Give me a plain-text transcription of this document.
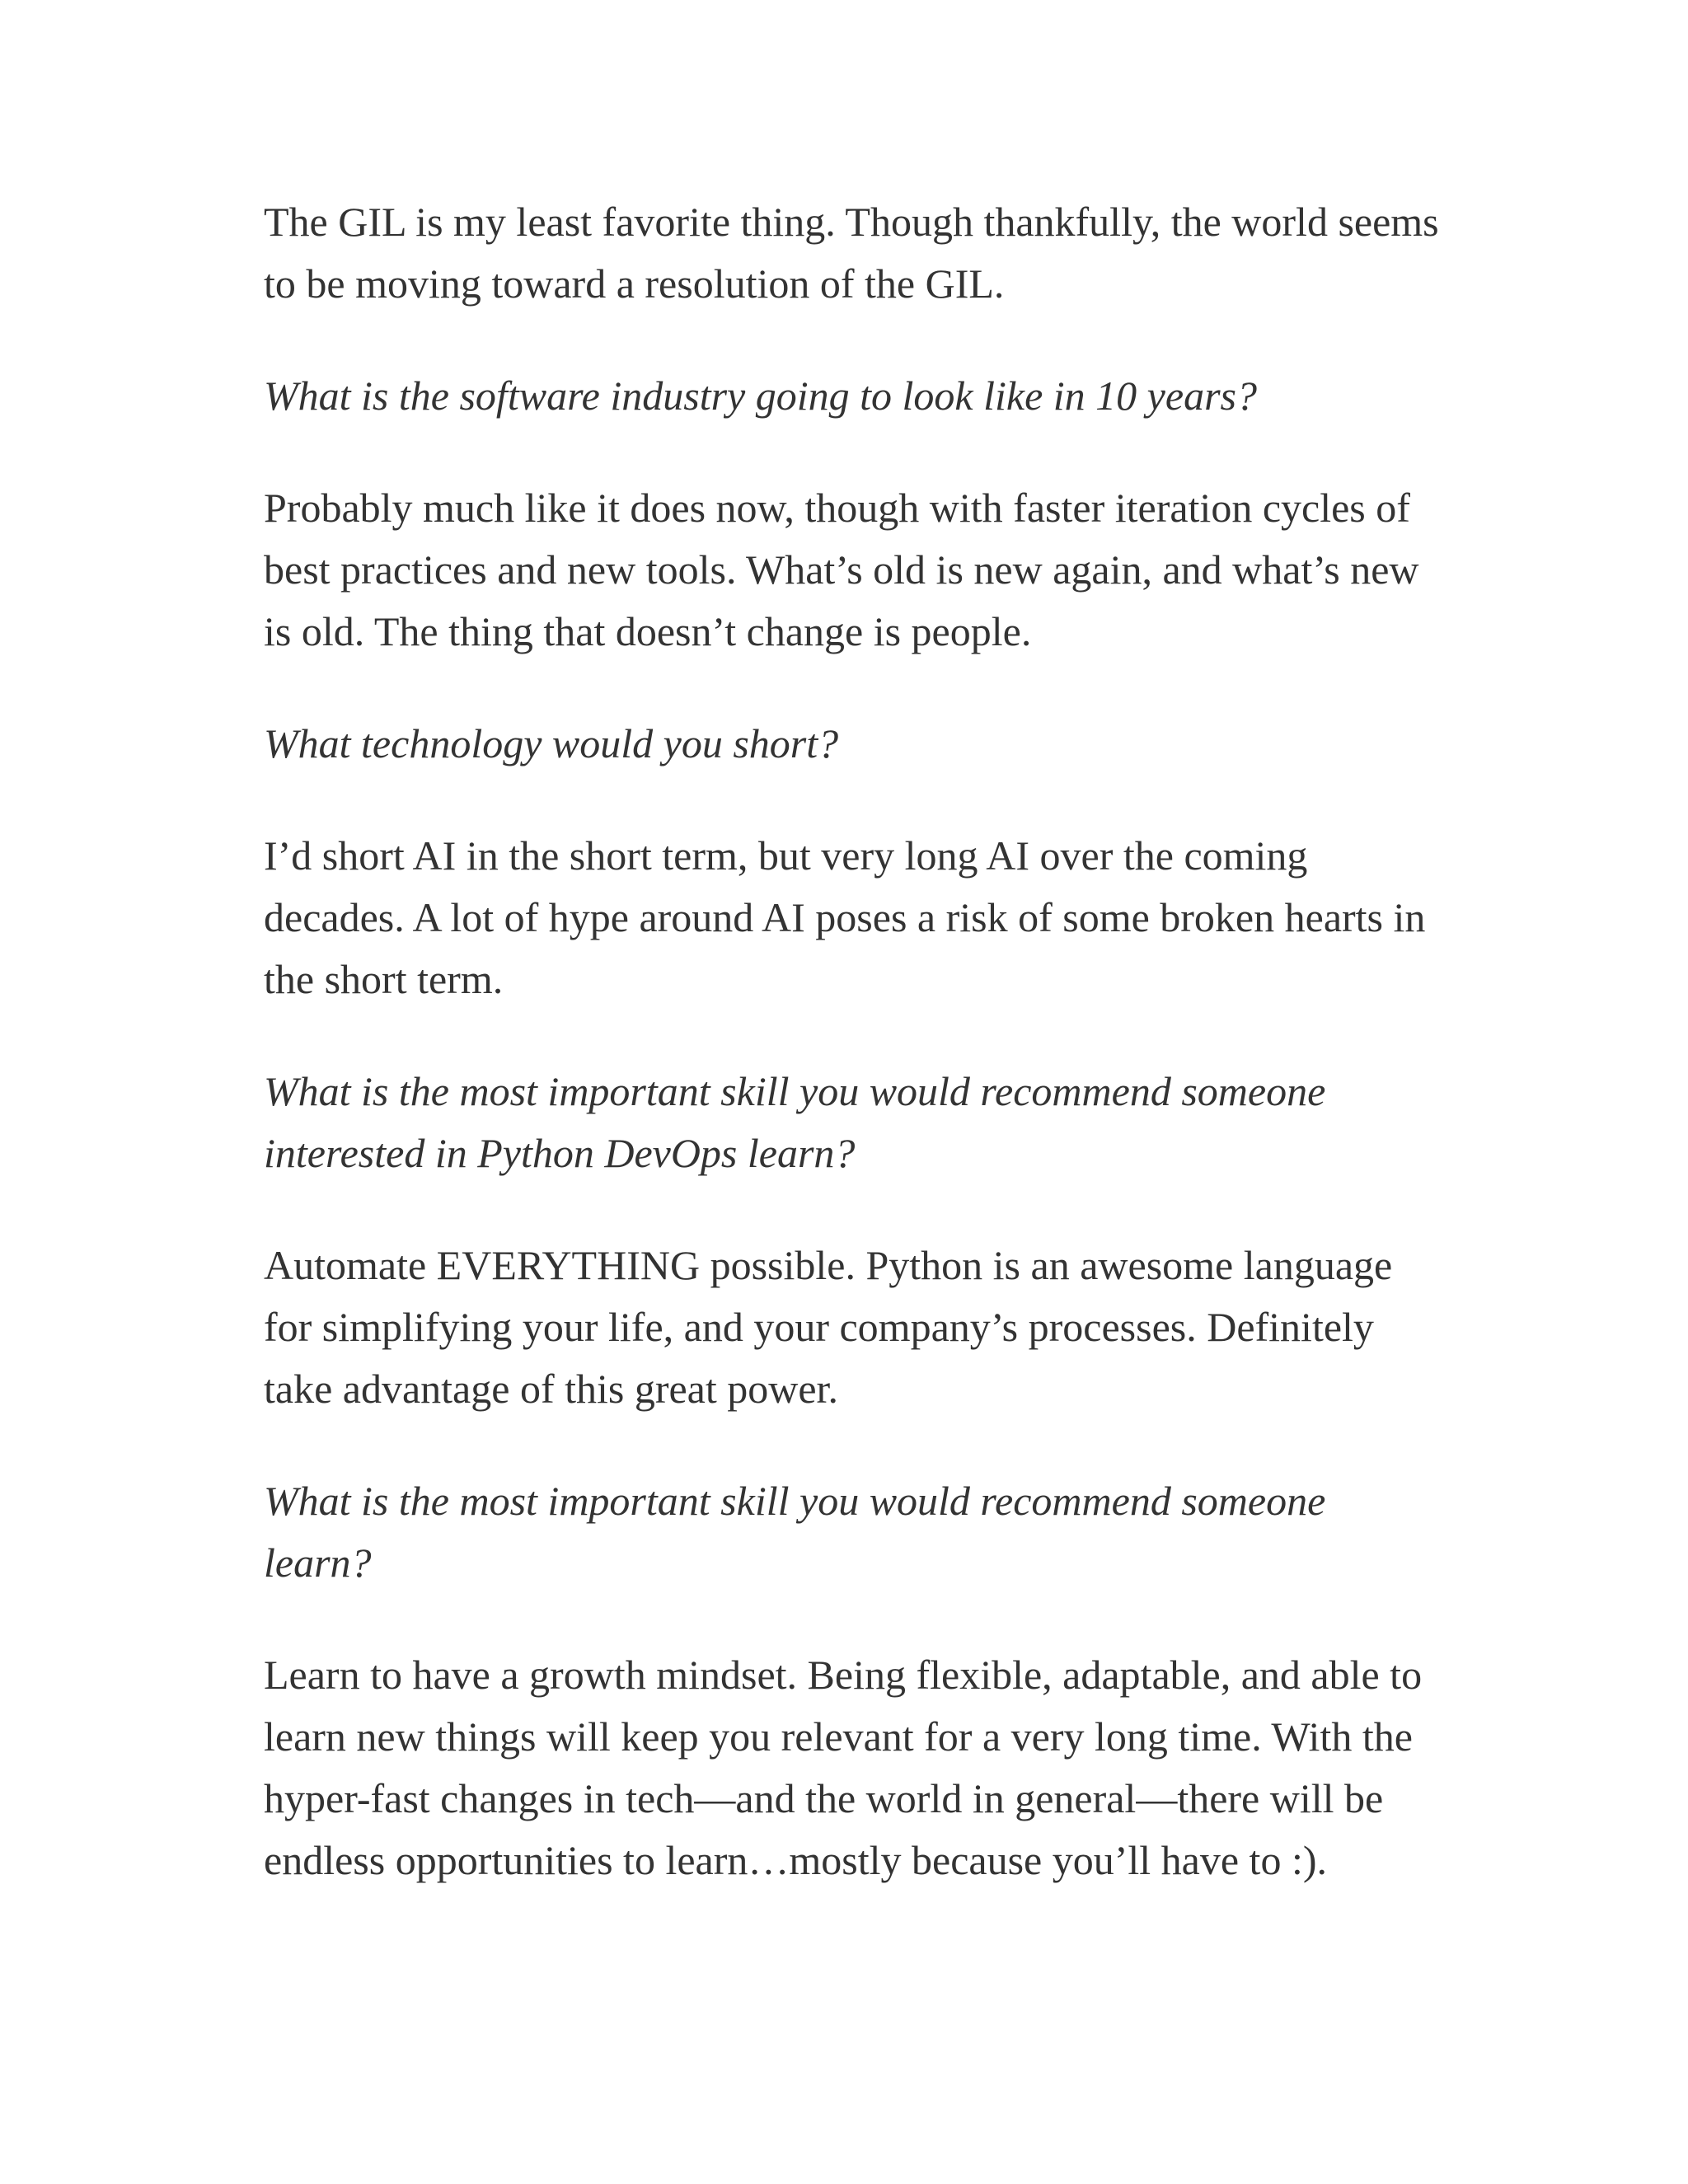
The GIL is my least favorite thing. Though thankfully, the world seems to be moving toward a resolution of the GIL.

What is the software industry going to look like in 10 years?

Probably much like it does now, though with faster iteration cycles of best practices and new tools. What’s old is new again, and what’s new is old. The thing that doesn’t change is people.

What technology would you short?

I’d short AI in the short term, but very long AI over the coming decades. A lot of hype around AI poses a risk of some broken hearts in the short term.

What is the most important skill you would recommend someone interested in Python DevOps learn?

Automate EVERYTHING possible. Python is an awesome language for simplifying your life, and your company’s processes. Definitely take advantage of this great power.

What is the most important skill you would recommend someone learn?

Learn to have a growth mindset. Being flexible, adaptable, and able to learn new things will keep you relevant for a very long time. With the hyper-fast changes in tech—and the world in general—there will be endless opportunities to learn…mostly because you’ll have to :).
